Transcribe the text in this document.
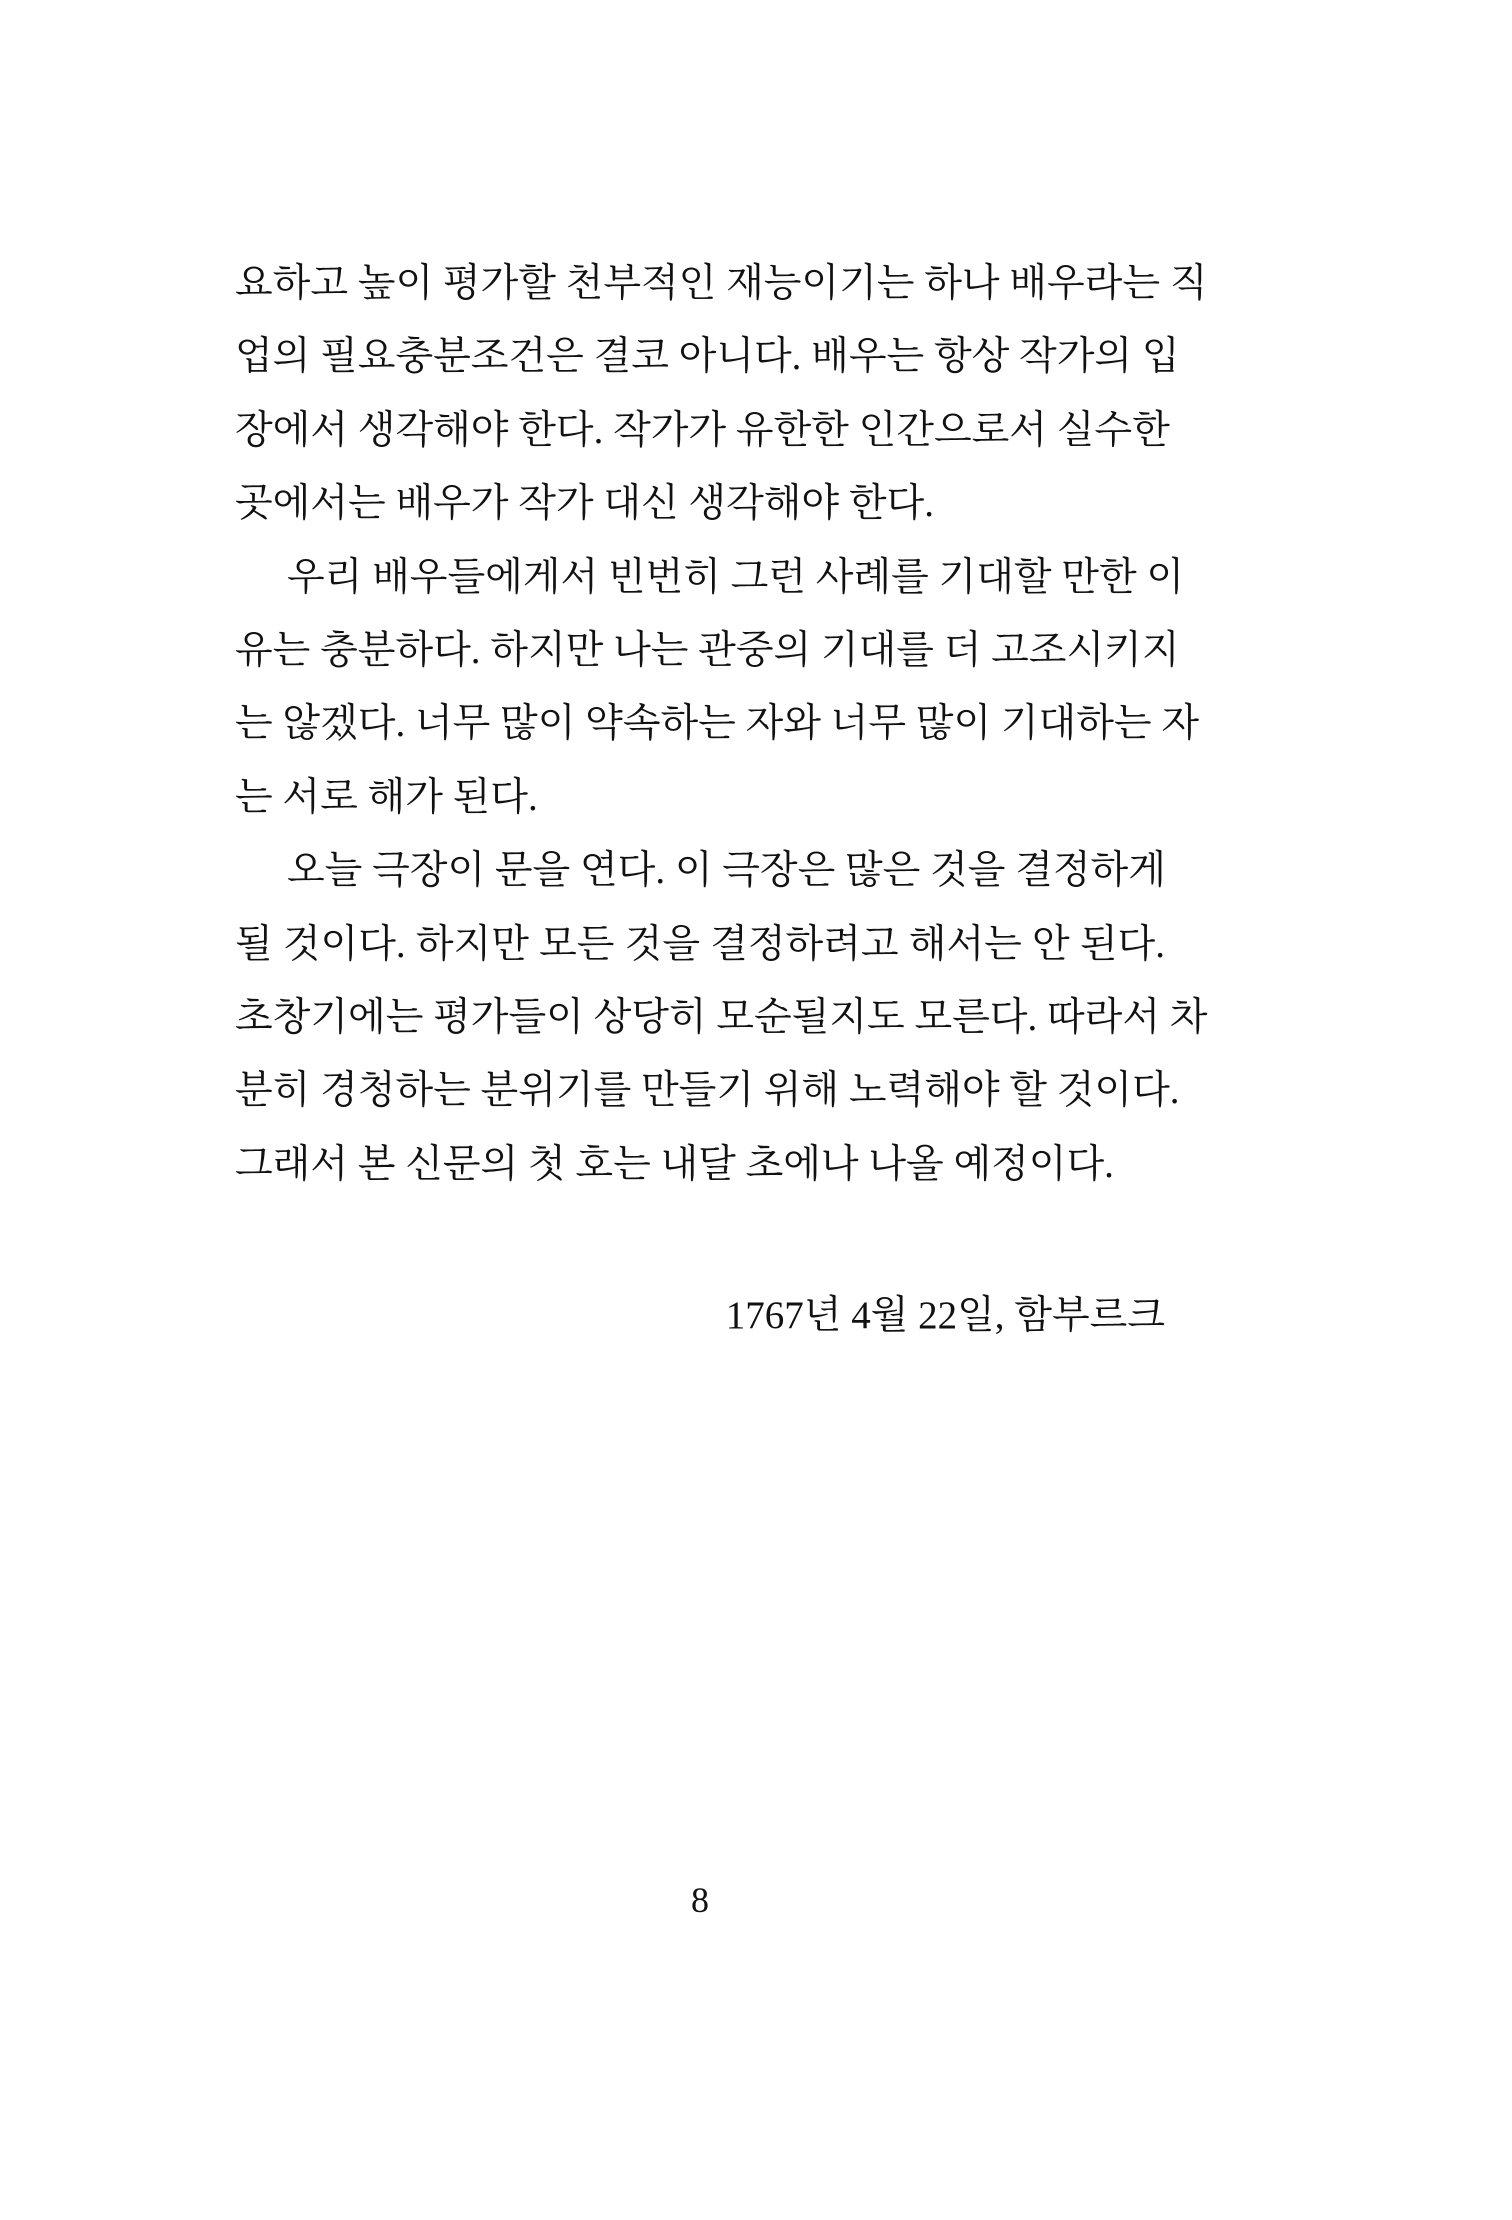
요하고 높이 평가할 천부적인 재능이기는 하나 배우라는 직
업의 필요충분조건은 결코 아니다. 배우는 항상 작가의 입
장에서 생각해야 한다. 작가가 유한한 인간으로서 실수한
곳에서는 배우가 작가 대신 생각해야 한다.
우리 배우들에게서 빈번히 그런 사례를 기대할 만한 이
유는 충분하다. 하지만 나는 관중의 기대를 더 고조시키지
는 않겠다. 너무 많이 약속하는 자와 너무 많이 기대하는 자
는 서로 해가 된다.
오늘 극장이 문을 연다. 이 극장은 많은 것을 결정하게
될 것이다. 하지만 모든 것을 결정하려고 해서는 안 된다.
초창기에는 평가들이 상당히 모순될지도 모른다. 따라서 차
분히 경청하는 분위기를 만들기 위해 노력해야 할 것이다.
그래서 본 신문의 첫 호는 내달 초에나 나올 예정이다.
1767년 4월 22일, 함부르크
8
